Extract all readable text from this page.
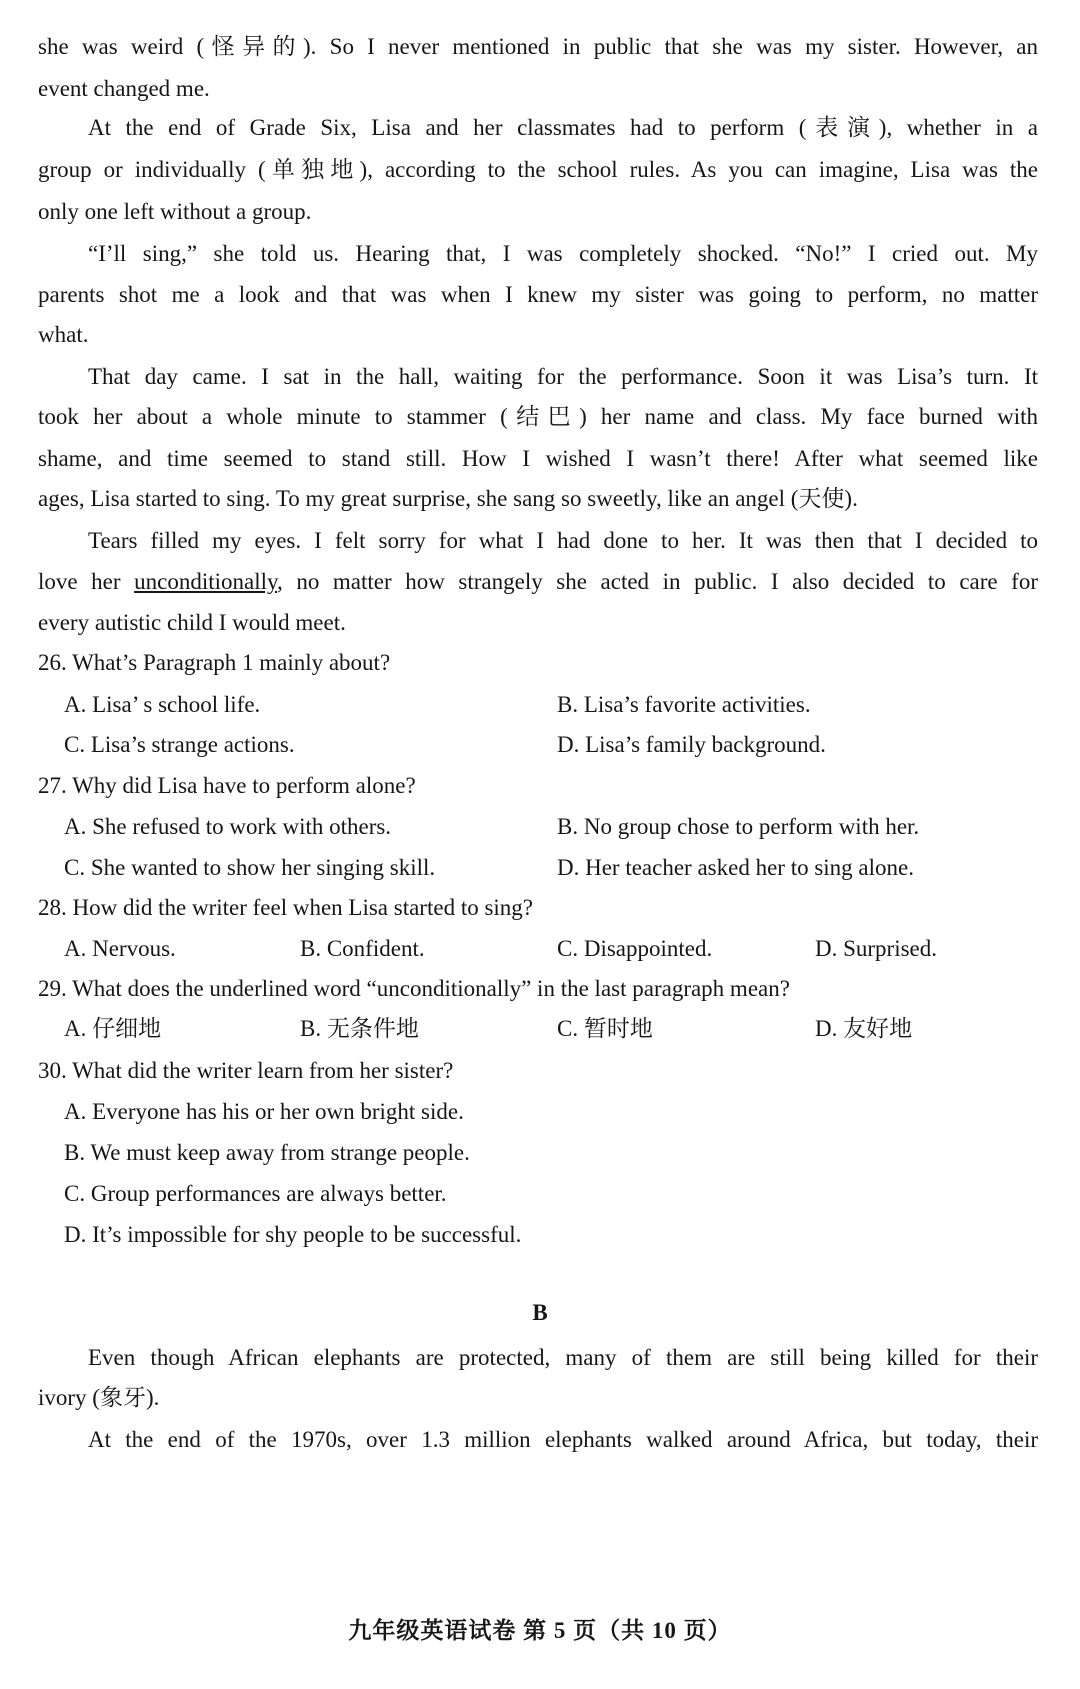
she was weird (怪异的). So I never mentioned in public that she was my sister. However, an
event changed me.
At the end of Grade Six, Lisa and her classmates had to perform (表演), whether in a
group or individually (单独地), according to the school rules. As you can imagine, Lisa was the
only one left without a group.
“I’ll sing,” she told us. Hearing that, I was completely shocked. “No!” I cried out. My
parents shot me a look and that was when I knew my sister was going to perform, no matter
what.
That day came. I sat in the hall, waiting for the performance. Soon it was Lisa’s turn. It
took her about a whole minute to stammer (结巴) her name and class. My face burned with
shame, and time seemed to stand still. How I wished I wasn’t there! After what seemed like
ages, Lisa started to sing. To my great surprise, she sang so sweetly, like an angel (天使).
Tears filled my eyes. I felt sorry for what I had done to her. It was then that I decided to
love her unconditionally, no matter how strangely she acted in public. I also decided to care for
every autistic child I would meet.
26. What’s Paragraph 1 mainly about?
A. Lisa’ s school life.	B. Lisa’s favorite activities.
C. Lisa’s strange actions.	D. Lisa’s family background.
27. Why did Lisa have to perform alone?
A. She refused to work with others.	B. No group chose to perform with her.
C. She wanted to show her singing skill.	D. Her teacher asked her to sing alone.
28. How did the writer feel when Lisa started to sing?
A. Nervous.	B. Confident.	C. Disappointed.	D. Surprised.
29. What does the underlined word “unconditionally” in the last paragraph mean?
A. 仔细地	B. 无条件地	C. 暂时地	D. 友好地
30. What did the writer learn from her sister?
A. Everyone has his or her own bright side.
B. We must keep away from strange people.
C. Group performances are always better.
D. It’s impossible for shy people to be successful.
B
Even though African elephants are protected, many of them are still being killed for their
ivory (象牙).
At the end of the 1970s, over 1.3 million elephants walked around Africa, but today, their
九年级英语试卷 第 5 页（共 10 页）
